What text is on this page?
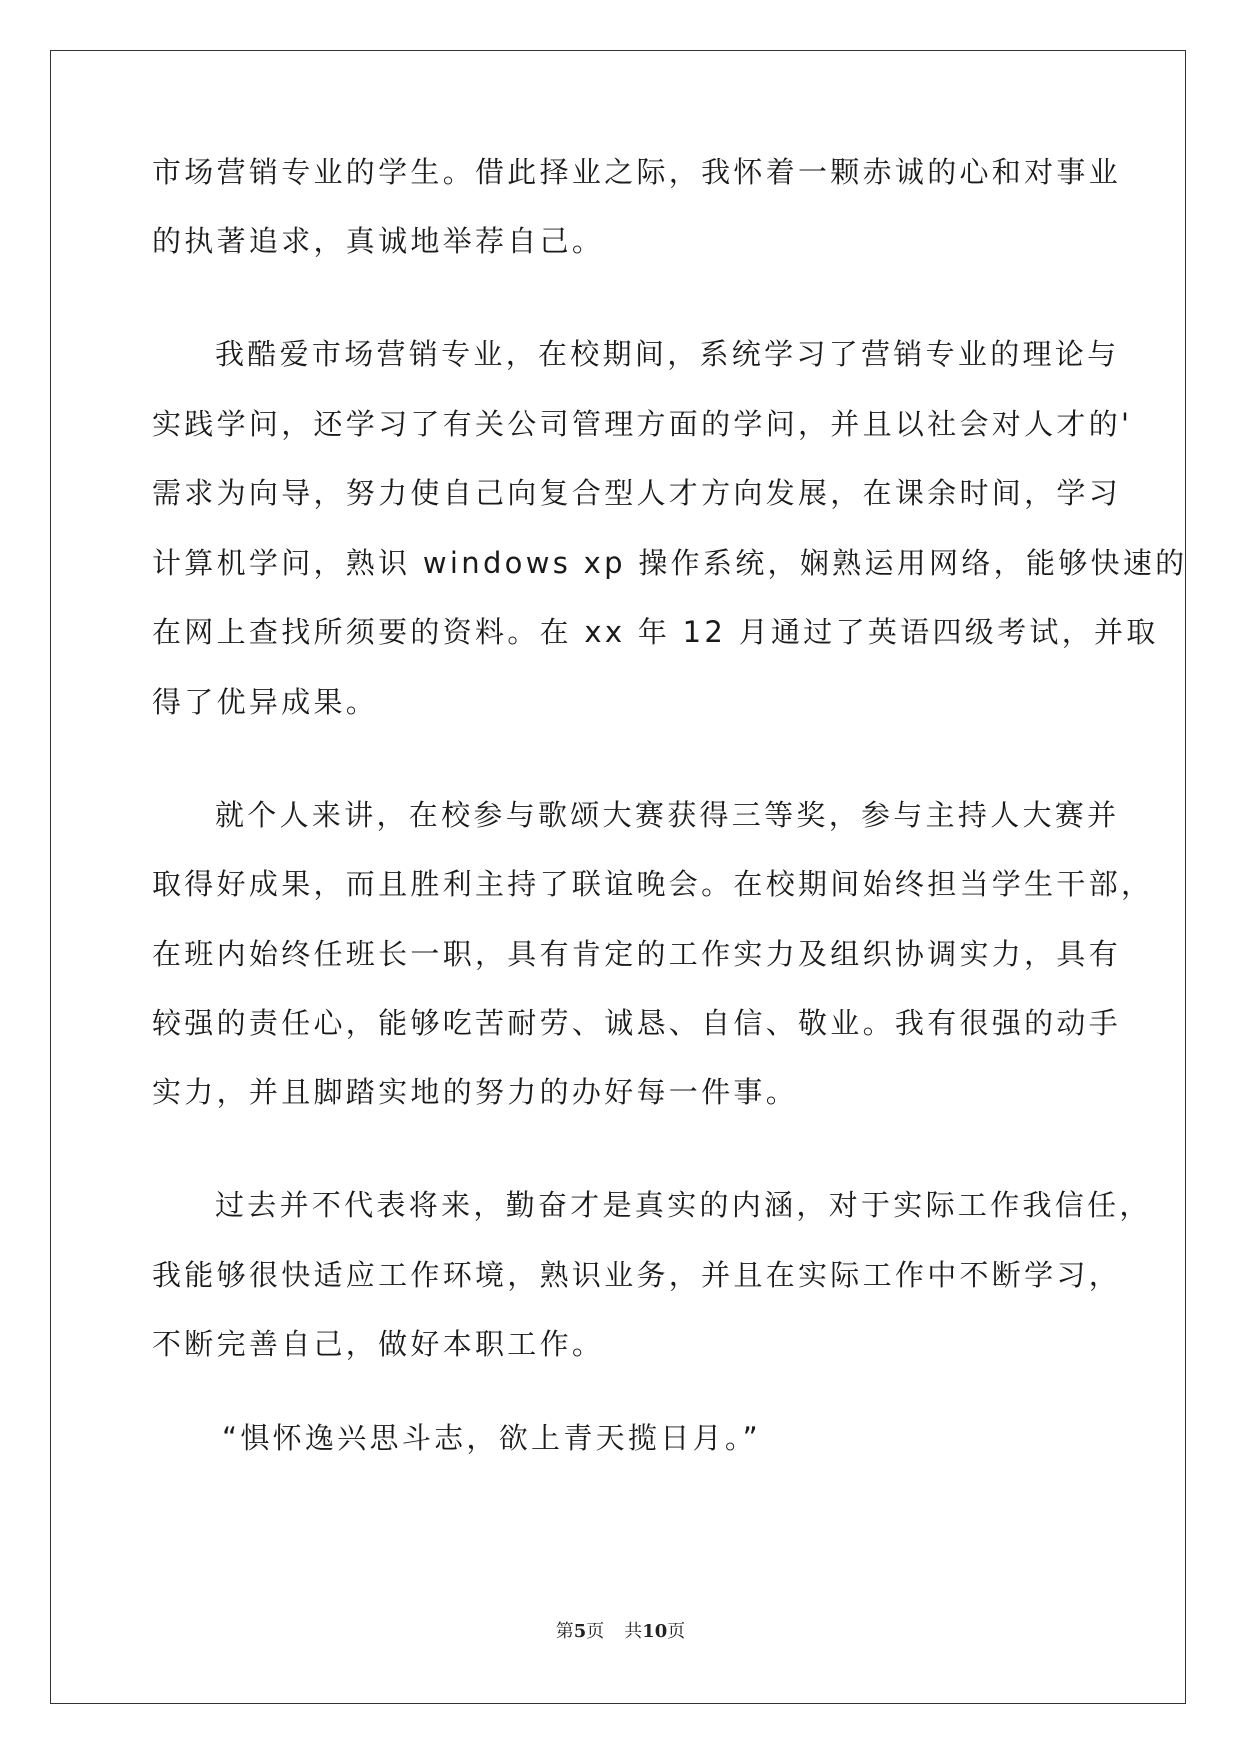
市场营销专业的学生。借此择业之际，我怀着一颗赤诚的心和对事业
的执著追求，真诚地举荐自己。
我酷爱市场营销专业，在校期间，系统学习了营销专业的理论与
实践学问，还学习了有关公司管理方面的学问，并且以社会对人才的'
需求为向导，努力使自己向复合型人才方向发展，在课余时间，学习
计算机学问，熟识 windows xp 操作系统，娴熟运用网络，能够快速的
在网上查找所须要的资料。在 xx 年 12 月通过了英语四级考试，并取
得了优异成果。
就个人来讲，在校参与歌颂大赛获得三等奖，参与主持人大赛并
取得好成果，而且胜利主持了联谊晚会。在校期间始终担当学生干部，
在班内始终任班长一职，具有肯定的工作实力及组织协调实力，具有
较强的责任心，能够吃苦耐劳、诚恳、自信、敬业。我有很强的动手
实力，并且脚踏实地的努力的办好每一件事。
过去并不代表将来，勤奋才是真实的内涵，对于实际工作我信任，
我能够很快适应工作环境，熟识业务，并且在实际工作中不断学习，
不断完善自己，做好本职工作。
“惧怀逸兴思斗志，欲上青天揽日月。”
第5页 共10页
